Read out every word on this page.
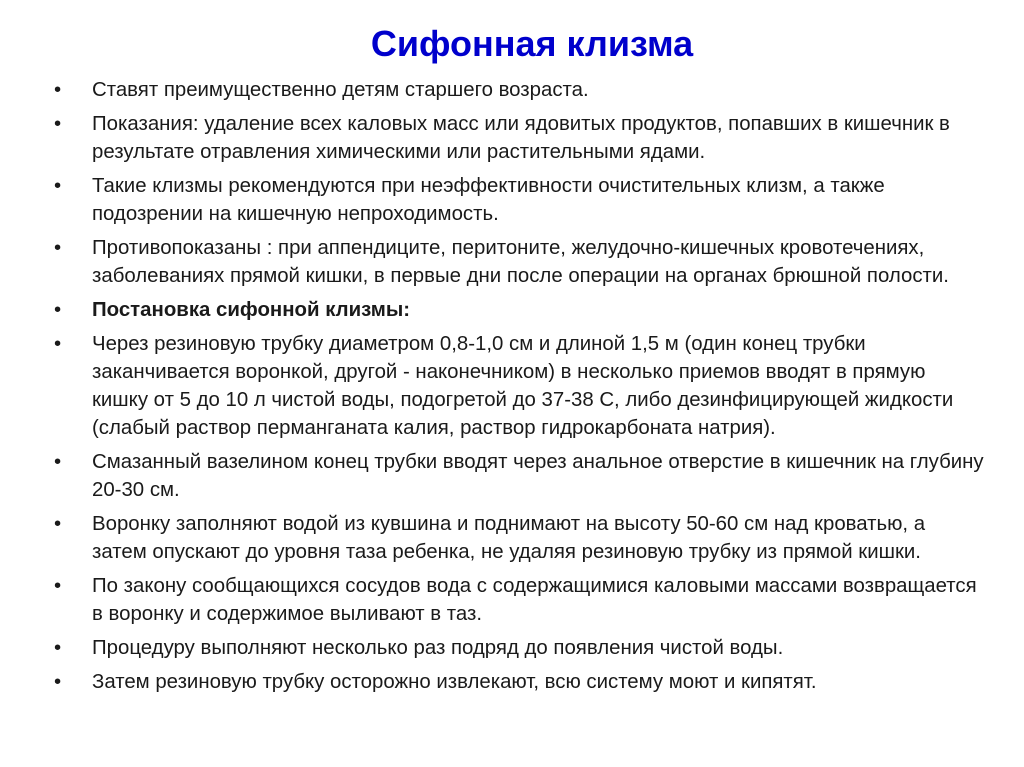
Сифонная клизма
• Ставят преимущественно детям старшего возраста.
• Показания: удаление всех каловых масс или ядовитых продуктов, попавших в кишечник в результате отравления химическими или растительными ядами.
• Такие клизмы рекомендуются при неэффективности очистительных клизм, а также подозрении на кишечную непроходимость.
• Противопоказаны : при аппендиците, перитоните, желудочно-кишечных кровотечениях, заболеваниях прямой кишки, в первые дни после операции на органах брюшной полости.
• Постановка сифонной клизмы:
• Через резиновую трубку диаметром 0,8-1,0 см и длиной 1,5 м (один конец трубки заканчивается воронкой, другой - наконечником) в несколько приемов вводят в прямую кишку от 5 до 10 л чистой воды, подогретой до 37-38 С, либо дезинфицирующей жидкости (слабый раствор перманганата калия, раствор гидрокарбоната натрия).
• Смазанный вазелином конец трубки вводят через анальное отверстие в кишечник на глубину 20-30 см.
• Воронку заполняют водой из кувшина и поднимают на высоту 50-60 см над кроватью, а затем опускают до уровня таза ребенка, не удаляя резиновую трубку из прямой кишки.
• По закону сообщающихся сосудов вода с содержащимися каловыми массами возвращается в воронку и содержимое выливают в таз.
• Процедуру выполняют несколько раз подряд до появления чистой воды.
• Затем резиновую трубку осторожно извлекают, всю систему моют и кипятят.
